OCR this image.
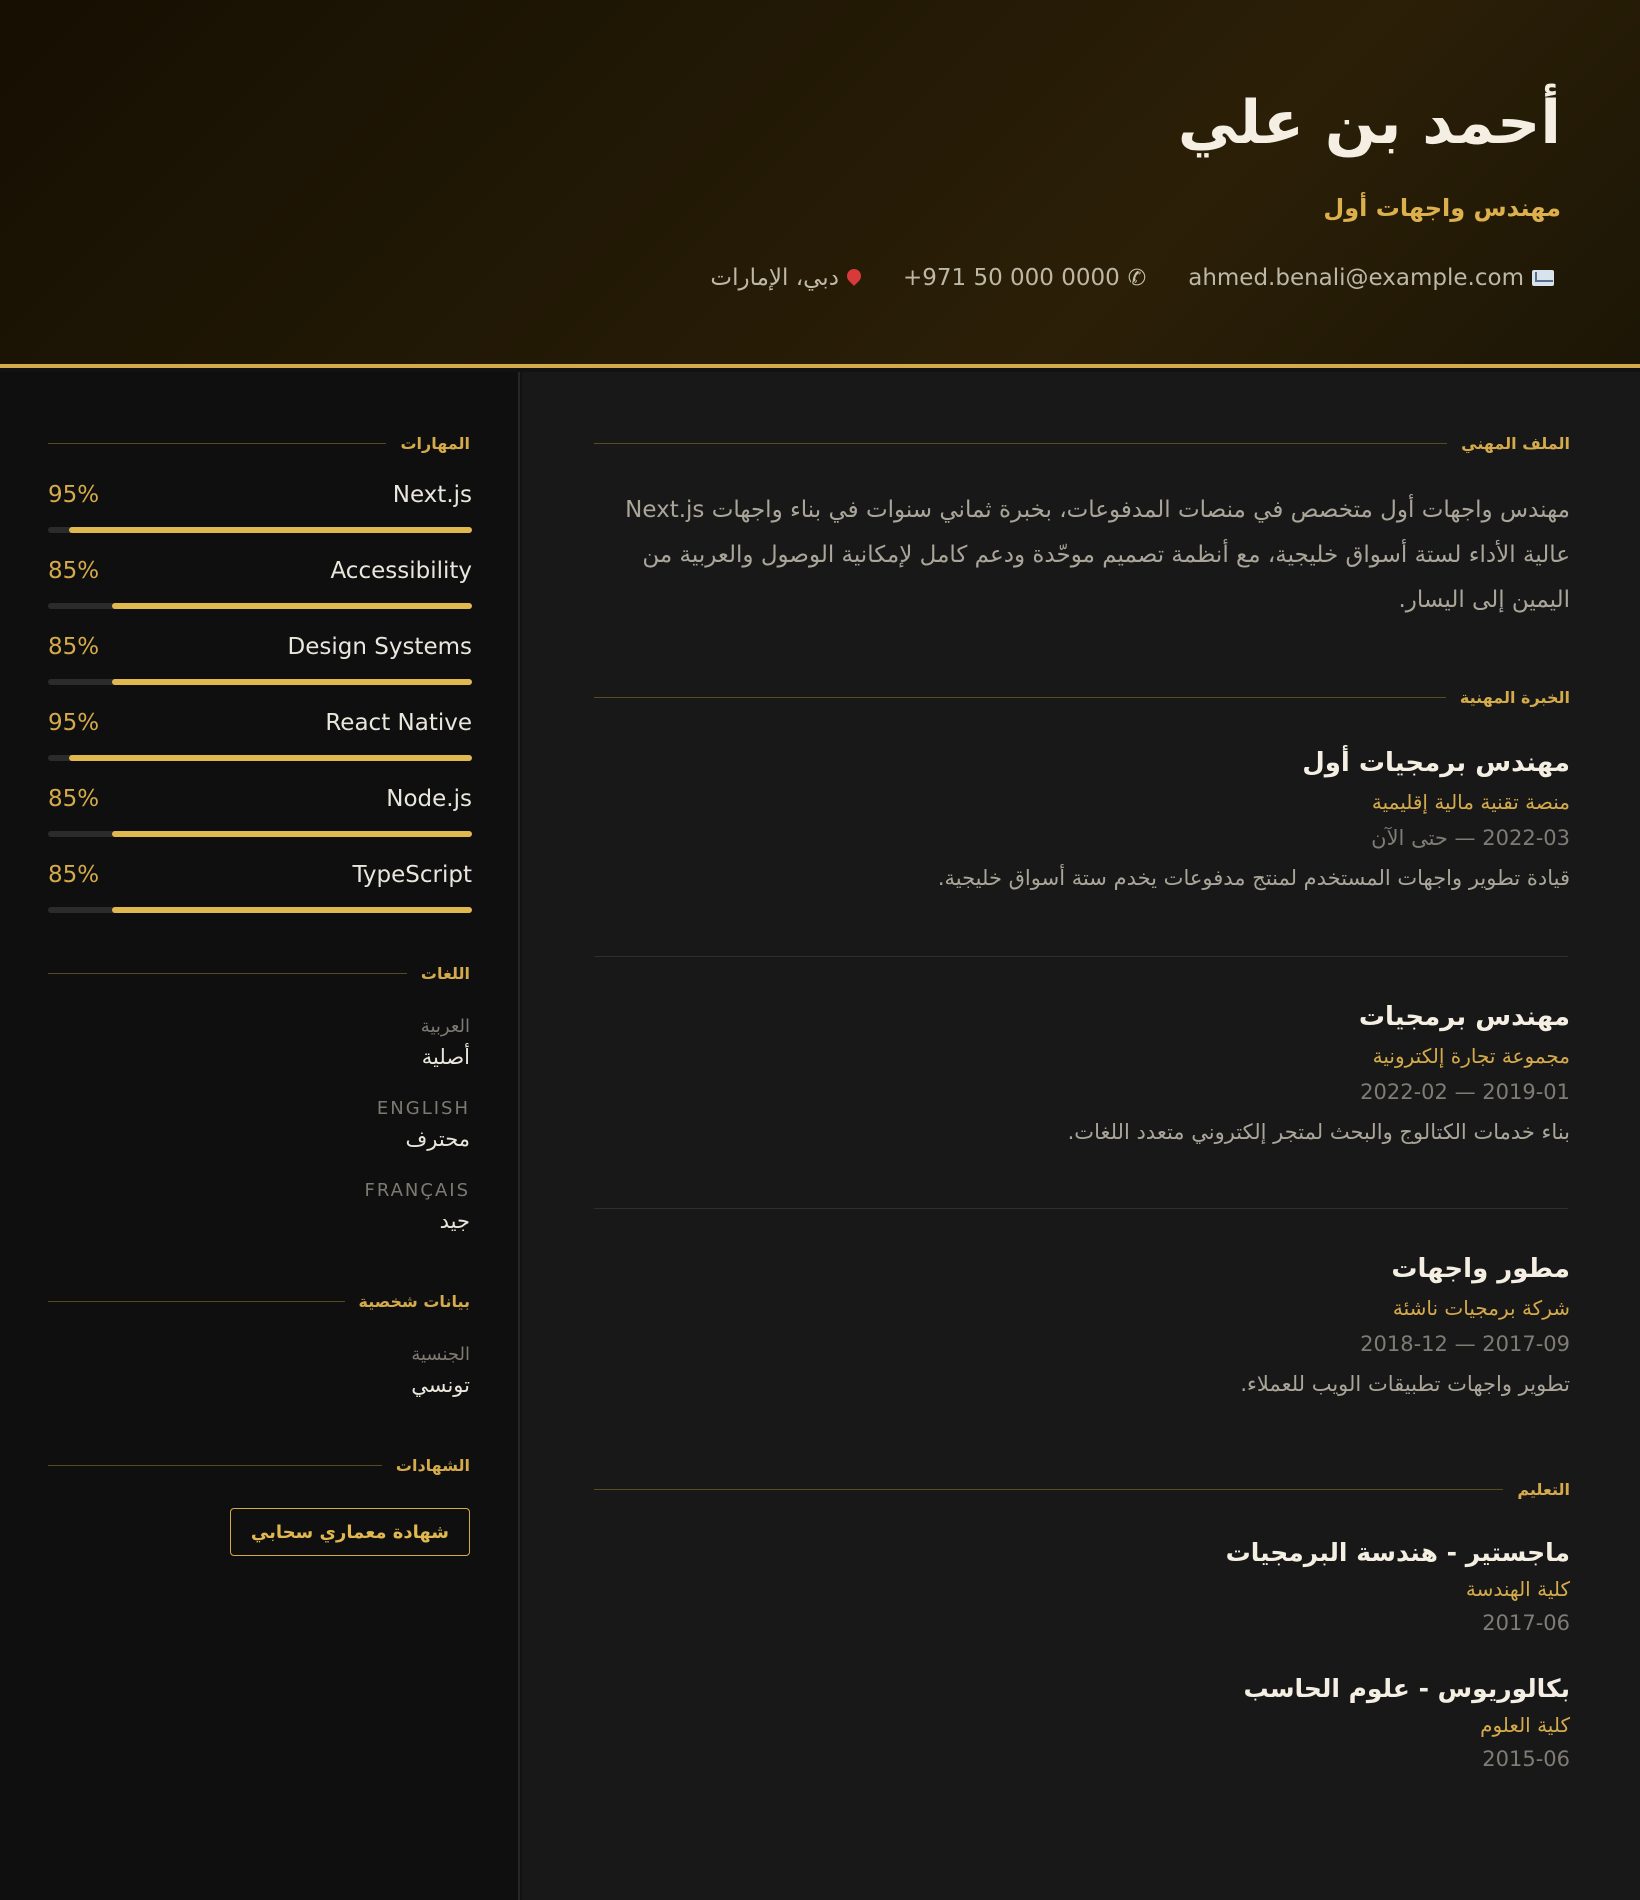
أحمد بن علي
مهندس واجهات أول
ahmed.benali@example.com
✆
+971 50 000 0000
دبي، الإمارات
المهارات
95%	Next.js
85%	Accessibility
85%	Design Systems
95%	React Native
85%	Node.js
85%	TypeScript
اللغات
العربية
أصلية
ENGLISH
محترف
FRANÇAIS
جيد
بيانات شخصية
الجنسية
تونسي
الشهادات
شهادة معماري سحابي
الملف المهني
مهندس واجهات أول متخصص في منصات المدفوعات، بخبرة ثماني سنوات في بناء واجهات Next.js عالية الأداء لستة أسواق خليجية، مع أنظمة تصميم موحّدة ودعم كامل لإمكانية الوصول والعربية من اليمين إلى اليسار.
الخبرة المهنية
مهندس برمجيات أول
منصة تقنية مالية إقليمية
2022-03 — حتى الآن
قيادة تطوير واجهات المستخدم لمنتج مدفوعات يخدم ستة أسواق خليجية.
مهندس برمجيات
مجموعة تجارة إلكترونية
2019-01 — 2022-02
بناء خدمات الكتالوج والبحث لمتجر إلكتروني متعدد اللغات.
مطور واجهات
شركة برمجيات ناشئة
2017-09 — 2018-12
تطوير واجهات تطبيقات الويب للعملاء.
التعليم
ماجستير - هندسة البرمجيات
كلية الهندسة
2017-06
بكالوريوس - علوم الحاسب
كلية العلوم
2015-06
